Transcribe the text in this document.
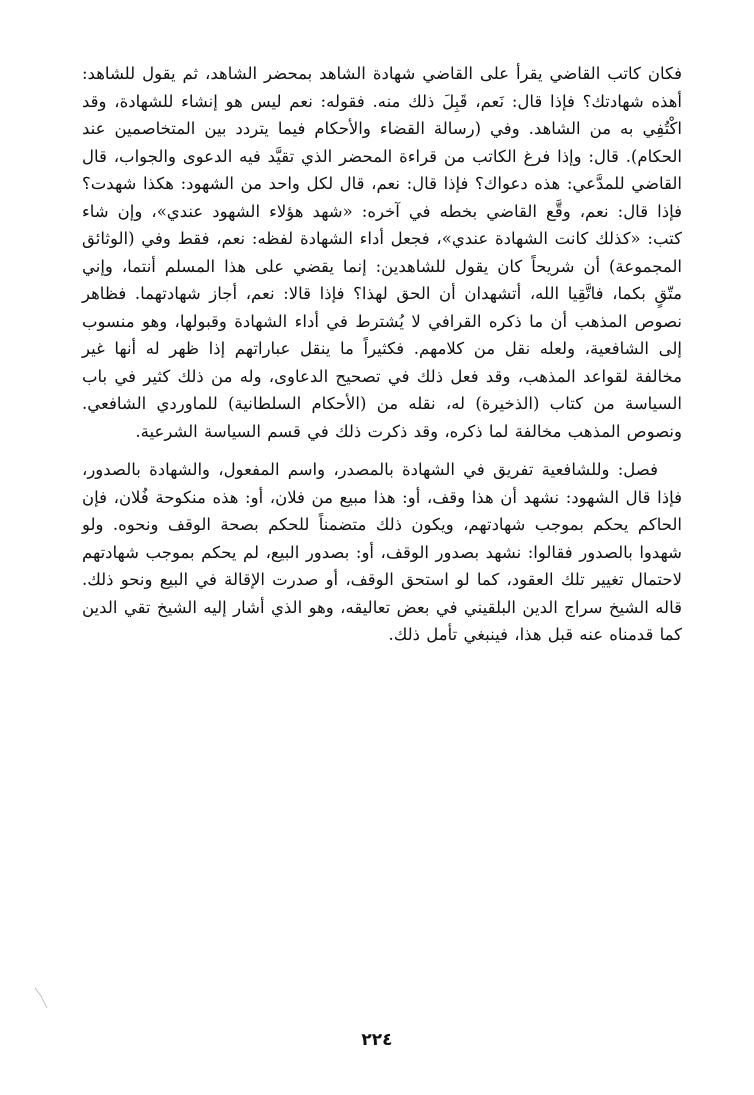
فكان كاتب القاضي يقرأ على القاضي شهادة الشاهد بمحضر الشاهد، ثم يقول للشاهد: أهذه شهادتك؟ فإذا قال: نَعم، قَبِلَ ذلك منه. فقوله: نعم ليس هو إنشاء للشهادة، وقد اكْتُفِي به من الشاهد. وفي (رسالة القضاء والأحكام فيما يتردد بين المتخاصمين عند الحكام). قال: وإذا فرغ الكاتب من قراءة المحضر الذي تقيَّد فيه الدعوى والجواب، قال القاضي للمدَّعي: هذه دعواك؟ فإذا قال: نعم، قال لكل واحد من الشهود: هكذا شهدت؟ فإذا قال: نعم، وقَّع القاضي بخطه في آخره: «شهد هؤلاء الشهود عندي»، وإن شاء كتب: «كذلك كانت الشهادة عندي»، فجعل أداء الشهادة لفظه: نعم، فقط وفي (الوثائق المجموعة) أن شريحاً كان يقول للشاهدين: إنما يقضي على هذا المسلم أنتما، وإني متّقٍ بكما، فاتَّقِيا الله، أتشهدان أن الحق لهذا؟ فإذا قالا: نعم، أجاز شهادتهما. فظاهر نصوص المذهب أن ما ذكره القرافي لا يُشترط في أداء الشهادة وقبولها، وهو منسوب إلى الشافعية، ولعله نقل من كلامهم. فكثيراً ما ينقل عباراتهم إذا ظهر له أنها غير مخالفة لقواعد المذهب، وقد فعل ذلك في تصحيح الدعاوى، وله من ذلك كثير في باب السياسة من كتاب (الذخيرة) له، نقله من (الأحكام السلطانية) للماوردي الشافعي. ونصوص المذهب مخالفة لما ذكره، وقد ذكرت ذلك في قسم السياسة الشرعية.

فصل: وللشافعية تفريق في الشهادة بالمصدر، واسم المفعول، والشهادة بالصدور، فإذا قال الشهود: نشهد أن هذا وقف، أو: هذا مبيع من فلان، أو: هذه منكوحة فُلان، فإن الحاكم يحكم بموجب شهادتهم، ويكون ذلك متضمناً للحكم بصحة الوقف ونحوه. ولو شهدوا بالصدور فقالوا: نشهد بصدور الوقف، أو: بصدور البيع، لم يحكم بموجب شهادتهم لاحتمال تغيير تلك العقود، كما لو استحق الوقف، أو صدرت الإقالة في البيع ونحو ذلك. قاله الشيخ سراج الدين البلقيني في بعض تعاليقه، وهو الذي أشار إليه الشيخ تقي الدين كما قدمناه عنه قبل هذا، فينبغي تأمل ذلك.

٢٢٤
